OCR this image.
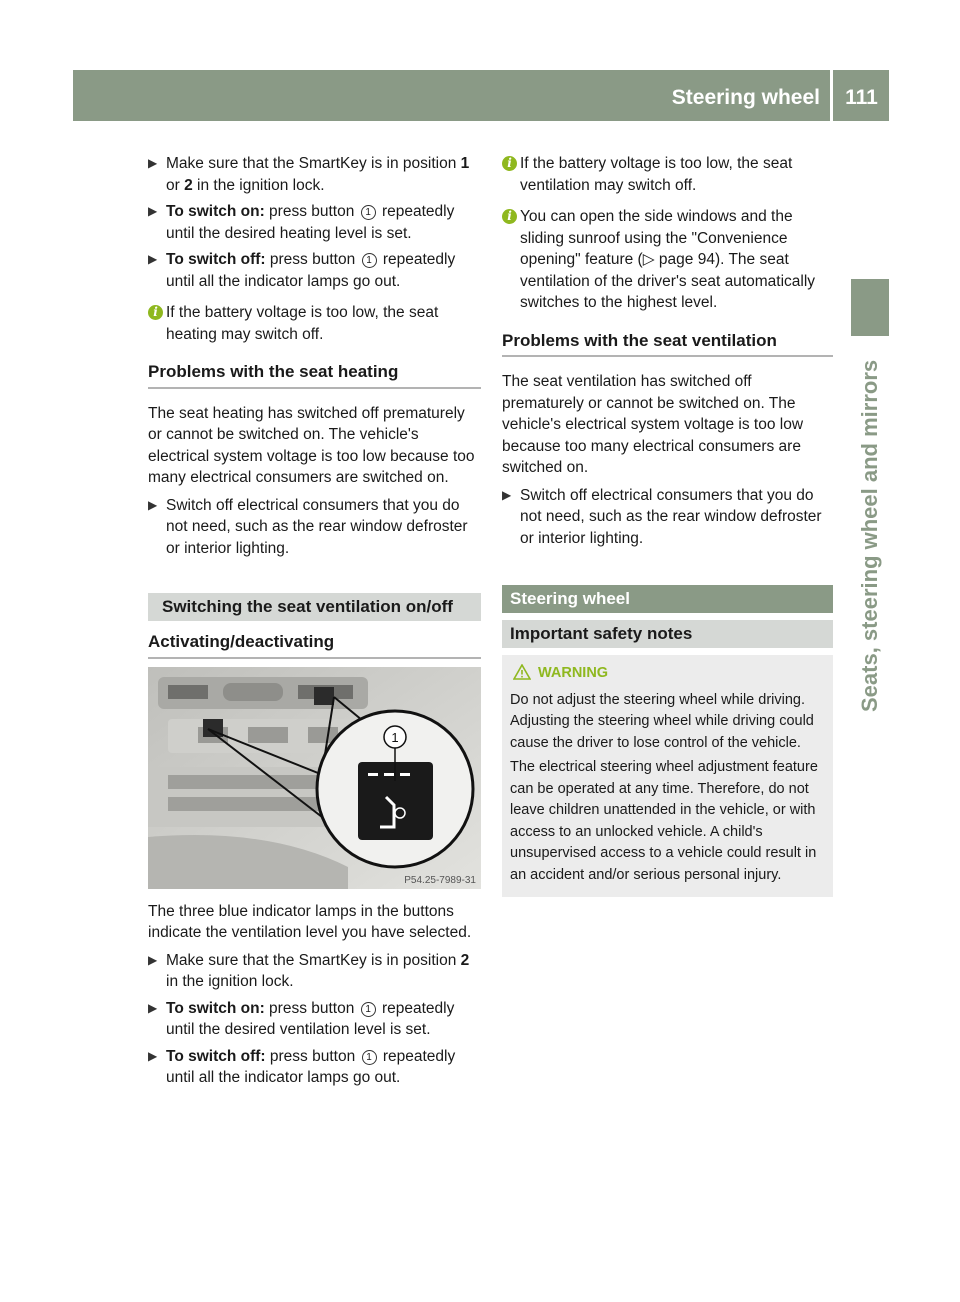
Steering wheel	111
Seats, steering wheel and mirrors
▶ Make sure that the SmartKey is in position 1 or 2 in the ignition lock.
▶ To switch on: press button 1 repeatedly until the desired heating level is set.
▶ To switch off: press button 1 repeatedly until all the indicator lamps go out.
i If the battery voltage is too low, the seat heating may switch off.
Problems with the seat heating

The seat heating has switched off prematurely or cannot be switched on. The vehicle's electrical system voltage is too low because too many electrical consumers are switched on.

▶ Switch off electrical consumers that you do not need, such as the rear window defroster or interior lighting.
Switching the seat ventilation on/off
Activating/deactivating
1
P54.25-7989-31

The three blue indicator lamps in the buttons indicate the ventilation level you have selected.

▶ Make sure that the SmartKey is in position 2 in the ignition lock.
▶ To switch on: press button 1 repeatedly until the desired ventilation level is set.
▶ To switch off: press button 1 repeatedly until all the indicator lamps go out.
i If the battery voltage is too low, the seat ventilation may switch off.
i You can open the side windows and the sliding sunroof using the "Convenience opening" feature (▷ page 94). The seat ventilation of the driver's seat automatically switches to the highest level.
Problems with the seat ventilation

The seat ventilation has switched off prematurely or cannot be switched on. The vehicle's electrical system voltage is too low because too many electrical consumers are switched on.

▶ Switch off electrical consumers that you do not need, such as the rear window defroster or interior lighting.
Steering wheel
Important safety notes
WARNING

Do not adjust the steering wheel while driving. Adjusting the steering wheel while driving could cause the driver to lose control of the vehicle.

The electrical steering wheel adjustment feature can be operated at any time. Therefore, do not leave children unattended in the vehicle, or with access to an unlocked vehicle. A child's unsupervised access to a vehicle could result in an accident and/or serious personal injury.
